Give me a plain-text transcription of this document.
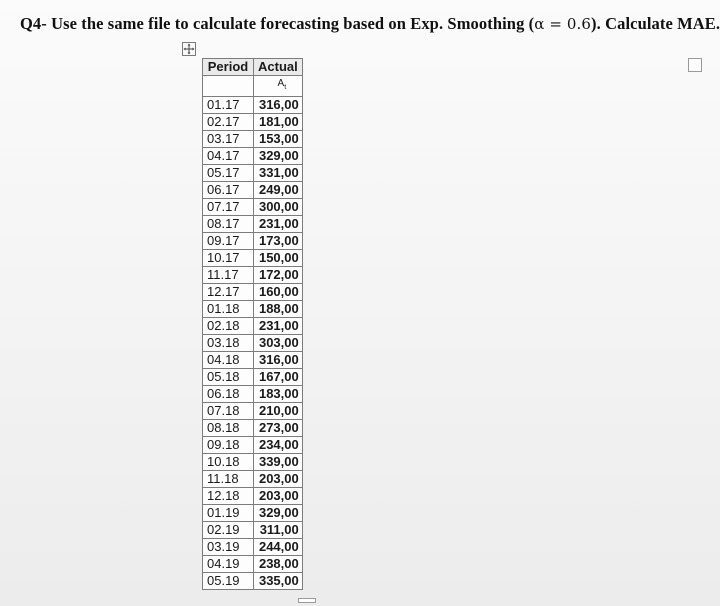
Q4- Use the same file to calculate forecasting based on Exp. Smoothing (α = 0.6). Calculate MAE.
Period	Actual
	$A_t$
01.17	316,00
02.17	181,00
03.17	153,00
04.17	329,00
05.17	331,00
06.17	249,00
07.17	300,00
08.17	231,00
09.17	173,00
10.17	150,00
11.17	172,00
12.17	160,00
01.18	188,00
02.18	231,00
03.18	303,00
04.18	316,00
05.18	167,00
06.18	183,00
07.18	210,00
08.18	273,00
09.18	234,00
10.18	339,00
11.18	203,00
12.18	203,00
01.19	329,00
02.19	311,00
03.19	244,00
04.19	238,00
05.19	335,00
